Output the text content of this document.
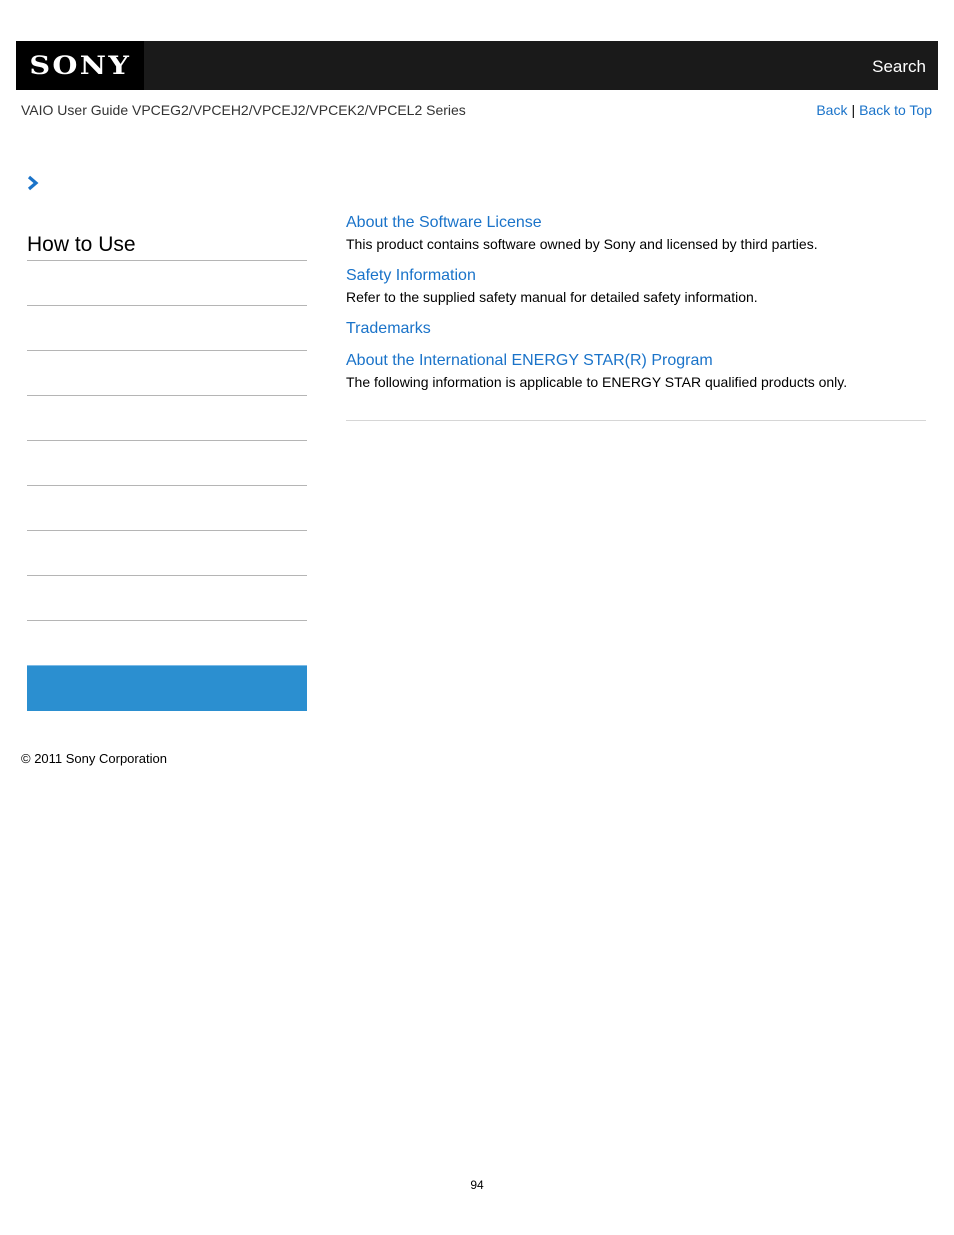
SONY	Search
VAIO User Guide VPCEG2/VPCEH2/VPCEJ2/VPCEK2/VPCEL2 Series	Back | Back to Top
How to Use
About the Software License
This product contains software owned by Sony and licensed by third parties.
Safety Information
Refer to the supplied safety manual for detailed safety information.
Trademarks
About the International ENERGY STAR(R) Program
The following information is applicable to ENERGY STAR qualified products only.
© 2011 Sony Corporation
94
